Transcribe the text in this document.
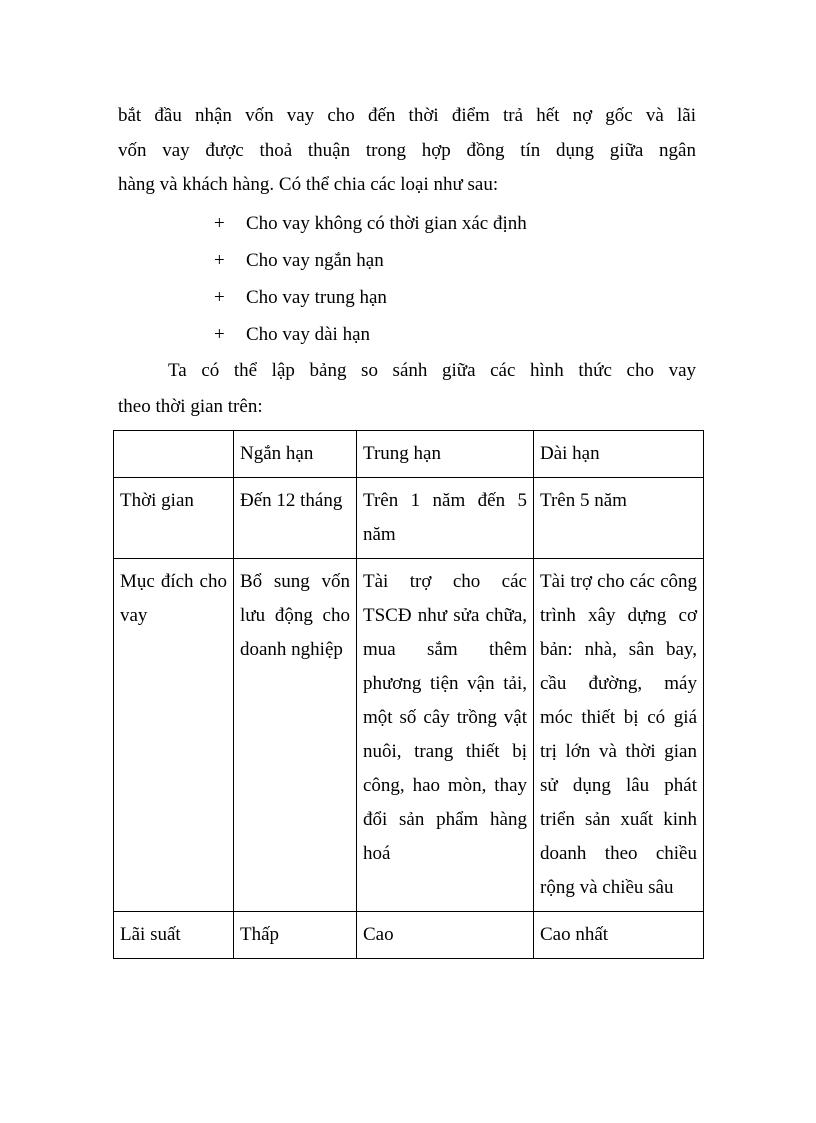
bắt đầu nhận vốn vay cho đến thời điểm trả hết nợ gốc và lãi

vốn vay được thoả thuận trong hợp đồng tín dụng giữa ngân

hàng và khách hàng. Có thể chia các loại như sau:

+ Cho vay không có thời gian xác định
+ Cho vay ngắn hạn
+ Cho vay trung hạn
+ Cho vay dài hạn

Ta có thể lập bảng so sánh giữa các hình thức cho vay

theo thời gian trên:

	Ngắn hạn	Trung hạn	Dài hạn

Thời gian	Đến 12 tháng	Trên 1 năm đến 5 năm	Trên 5 năm

Mục đích cho vay	Bổ sung vốn lưu động cho doanh nghiệp	Tài trợ cho các TSCĐ như sửa chữa, mua sắm thêm phương tiện vận tải, một số cây trồng vật nuôi, trang thiết bị công, hao mòn, thay đổi sản phẩm hàng hoá	Tài trợ cho các công trình xây dựng cơ bản: nhà, sân bay, cầu đường, máy móc thiết bị có giá trị lớn và thời gian sử dụng lâu phát triển sản xuất kinh doanh theo chiều rộng và chiều sâu

Lãi suất	Thấp	Cao	Cao nhất
